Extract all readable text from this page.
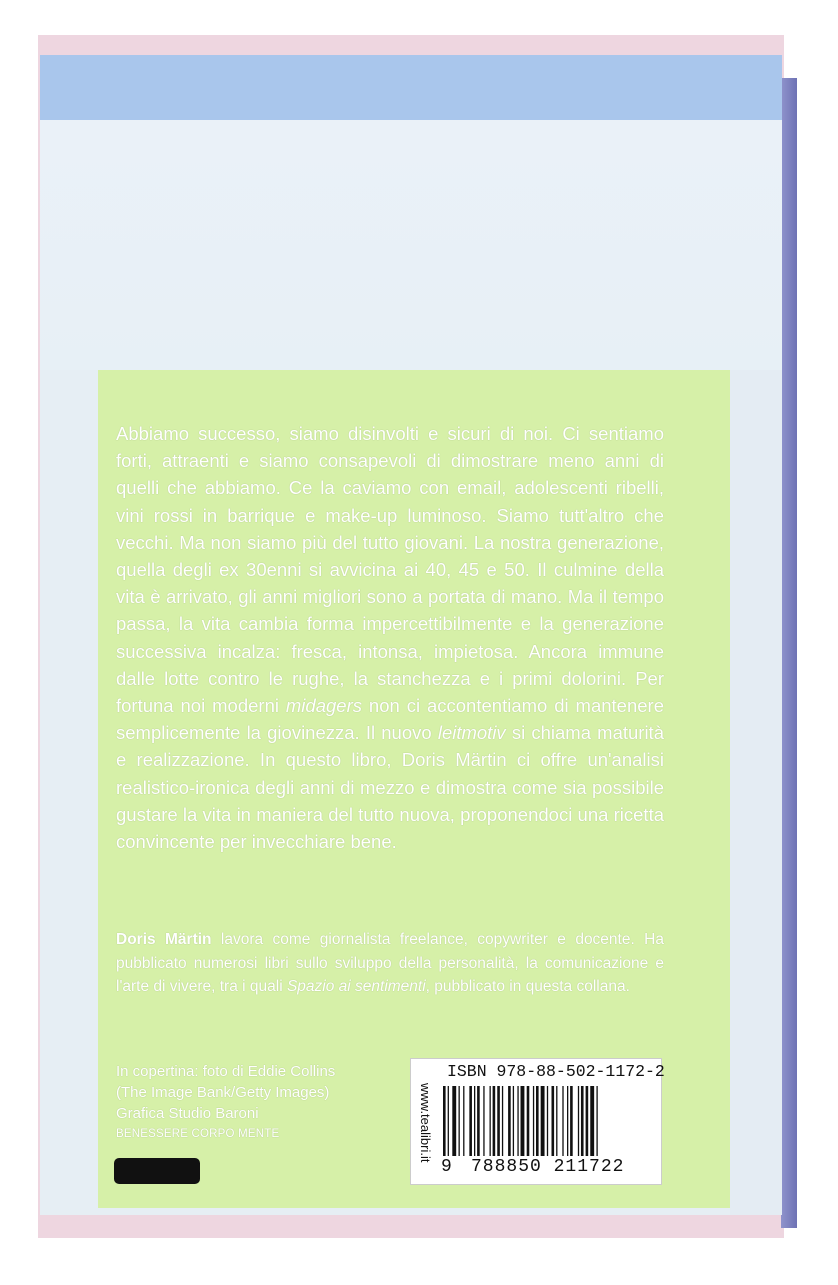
Abbiamo successo, siamo disinvolti e sicuri di noi. Ci sentiamo forti, attraenti e siamo consapevoli di dimostrare meno anni di quelli che abbiamo. Ce la caviamo con email, adolescenti ribelli, vini rossi in barrique e make-up luminoso. Siamo tutt'altro che vecchi. Ma non siamo più del tutto giovani. La nostra generazione, quella degli ex 30enni si avvicina ai 40, 45 e 50. Il culmine della vita è arrivato, gli anni migliori sono a portata di mano. Ma il tempo passa, la vita cambia forma impercettibilmente e la generazione successiva incalza: fresca, intonsa, impietosa. Ancora immune dalle lotte contro le rughe, la stanchezza e i primi dolorini. Per fortuna noi moderni midagers non ci accontentiamo di mantenere semplicemente la giovinezza. Il nuovo leitmotiv si chiama maturità e realizzazione. In questo libro, Doris Märtin ci offre un'analisi realistico-ironica degli anni di mezzo e dimostra come sia possibile gustare la vita in maniera del tutto nuova, proponendoci una ricetta convincente per invecchiare bene.
Doris Märtin lavora come giornalista freelance, copywriter e docente. Ha pubblicato numerosi libri sullo sviluppo della personalità, la comunicazione e l'arte di vivere, tra i quali Spazio ai sentimenti, pubblicato in questa collana.
In copertina: foto di Eddie Collins
(The Image Bank/Getty Images)
Grafica Studio Baroni
BENESSERE CORPO MENTE
ISBN 978-88-502-1172-2
www.tealibri.it
9 788850 211722
